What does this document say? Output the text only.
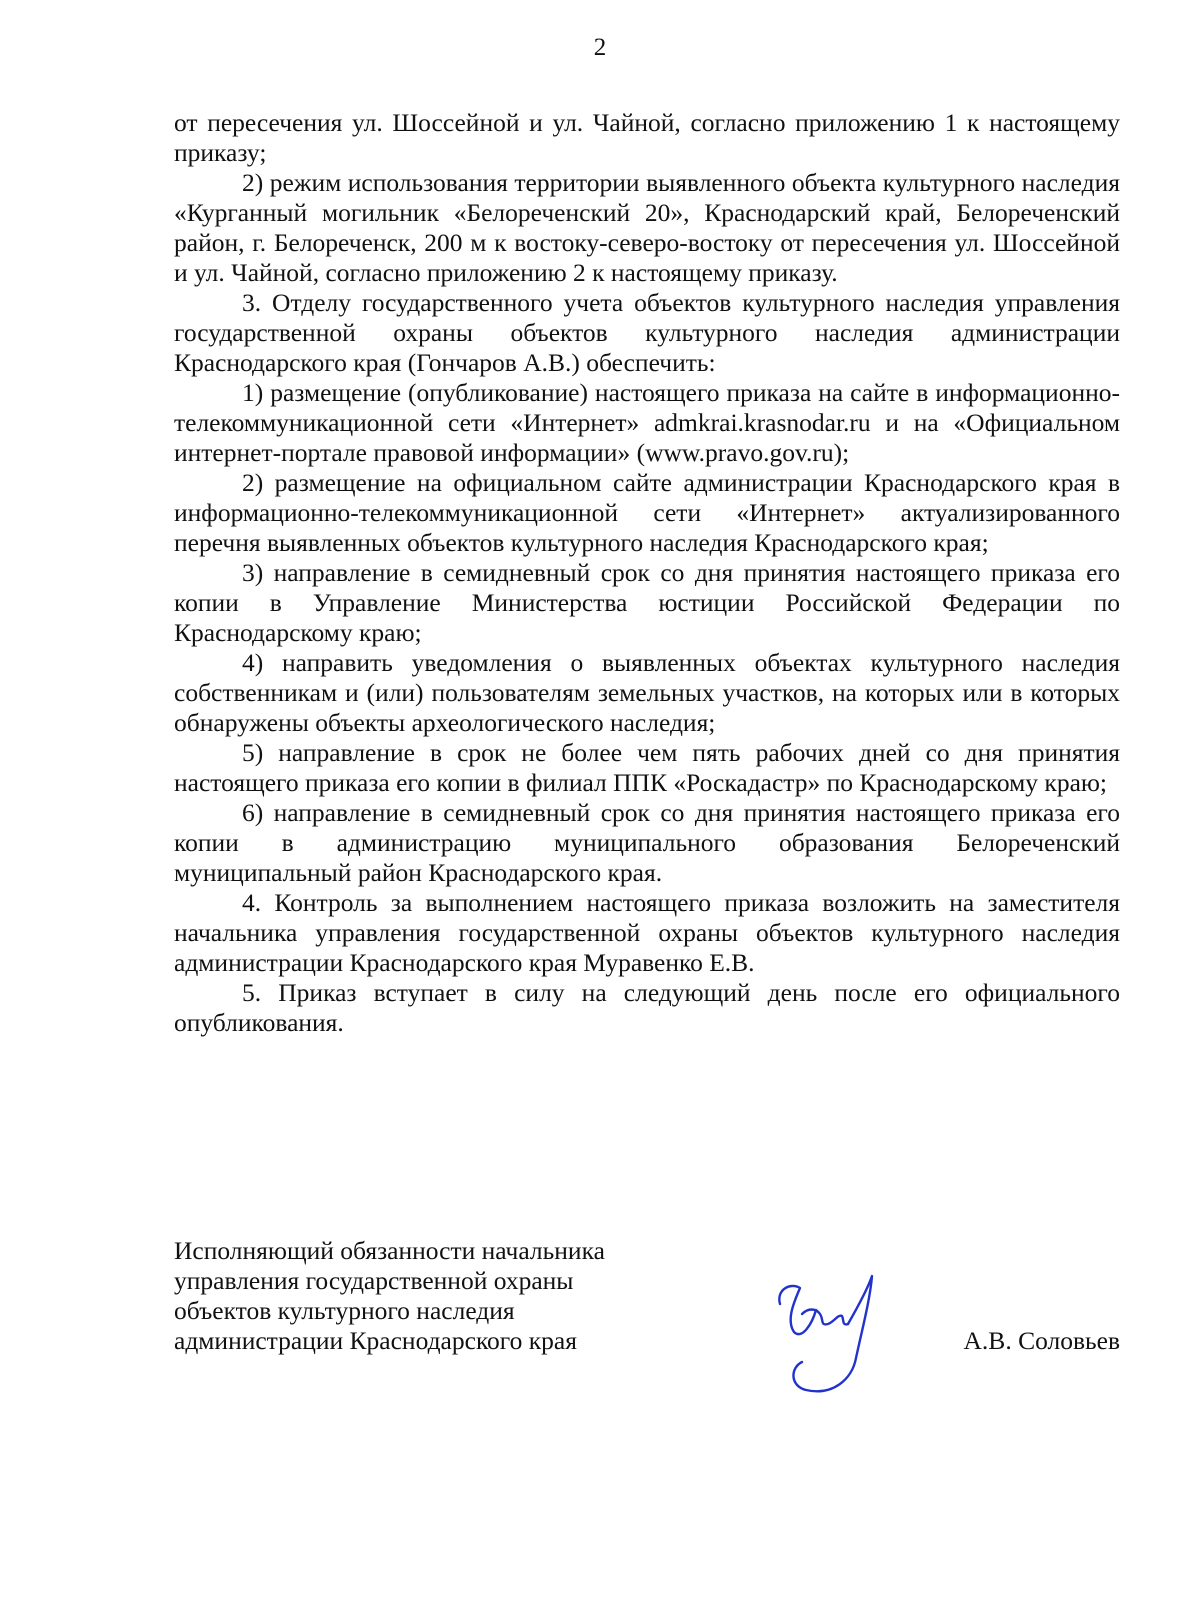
2

от пересечения ул. Шоссейной и ул. Чайной, согласно приложению 1 к настоящему приказу;

2) режим использования территории выявленного объекта культурного наследия «Курганный могильник «Белореченский 20», Краснодарский край, Белореченский район, г. Белореченск, 200 м к востоку-северо-востоку от пересечения ул. Шоссейной и ул. Чайной, согласно приложению 2 к настоящему приказу.

3. Отделу государственного учета объектов культурного наследия управления государственной охраны объектов культурного наследия администрации Краснодарского края (Гончаров А.В.) обеспечить:

1) размещение (опубликование) настоящего приказа на сайте в информационно-телекоммуникационной сети «Интернет» admkrai.krasnodar.ru и на «Официальном интернет-портале правовой информации» (www.pravo.gov.ru);

2) размещение на официальном сайте администрации Краснодарского края в информационно-телекоммуникационной сети «Интернет» актуализированного перечня выявленных объектов культурного наследия Краснодарского края;

3) направление в семидневный срок со дня принятия настоящего приказа его копии в Управление Министерства юстиции Российской Федерации по Краснодарскому краю;

4) направить уведомления о выявленных объектах культурного наследия собственникам и (или) пользователям земельных участков, на которых или в которых обнаружены объекты археологического наследия;

5) направление в срок не более чем пять рабочих дней со дня принятия настоящего приказа его копии в филиал ППК «Роскадастр» по Краснодарскому краю;

6) направление в семидневный срок со дня принятия настоящего приказа его копии в администрацию муниципального образования Белореченский муниципальный район Краснодарского края.

4. Контроль за выполнением настоящего приказа возложить на заместителя начальника управления государственной охраны объектов культурного наследия администрации Краснодарского края Муравенко Е.В.

5. Приказ вступает в силу на следующий день после его официального опубликования.

Исполняющий обязанности начальника
управления государственной охраны
объектов культурного наследия
администрации Краснодарского края	А.В. Соловьев
